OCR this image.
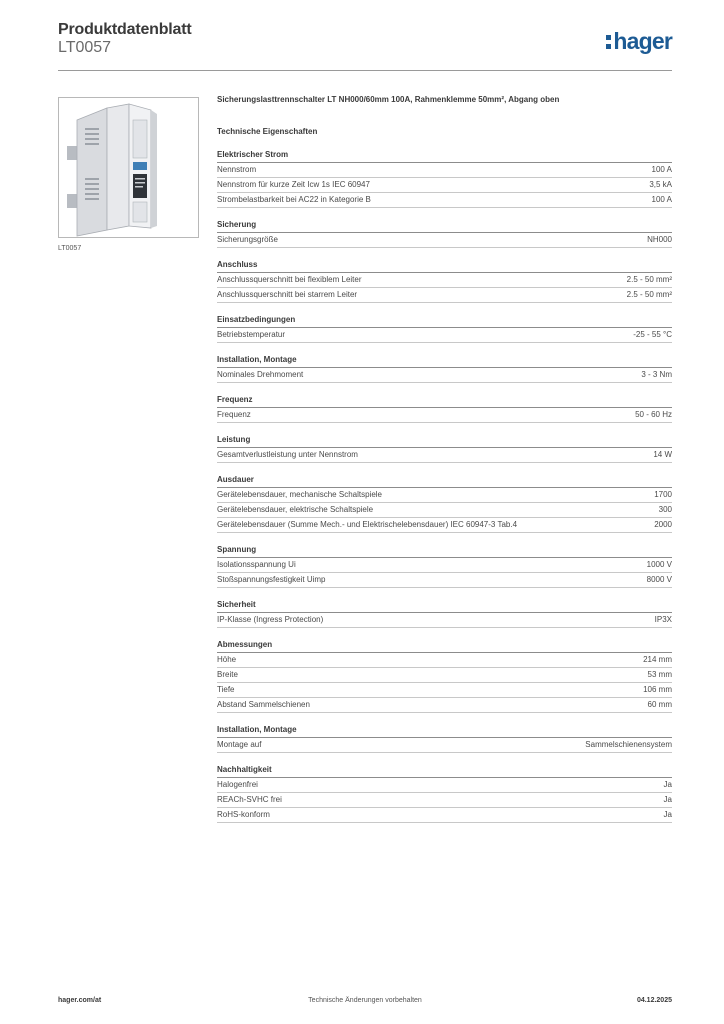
Produktdatenblatt
LT0057	hager
LT0057
Sicherungslasttrennschalter LT NH000/60mm 100A, Rahmenklemme 50mm², Abgang oben
Technische Eigenschaften
Elektrischer Strom
Nennstrom	100 A
Nennstrom für kurze Zeit Icw 1s IEC 60947	3,5 kA
Strombelastbarkeit bei AC22 in Kategorie B	100 A
Sicherung
Sicherungsgröße	NH000
Anschluss
Anschlussquerschnitt bei flexiblem Leiter	2.5 - 50 mm²
Anschlussquerschnitt bei starrem Leiter	2.5 - 50 mm²
Einsatzbedingungen
Betriebstemperatur	-25 - 55 °C
Installation, Montage
Nominales Drehmoment	3 - 3 Nm
Frequenz
Frequenz	50 - 60 Hz
Leistung
Gesamtverlustleistung unter Nennstrom	14 W
Ausdauer
Gerätelebensdauer, mechanische Schaltspiele	1700
Gerätelebensdauer, elektrische Schaltspiele	300
Gerätelebensdauer (Summe Mech.- und Elektrischelebensdauer) IEC 60947-3 Tab.4	2000
Spannung
Isolationsspannung Ui	1000 V
Stoßspannungsfestigkeit Uimp	8000 V
Sicherheit
IP-Klasse (Ingress Protection)	IP3X
Abmessungen
Höhe	214 mm
Breite	53 mm
Tiefe	106 mm
Abstand Sammelschienen	60 mm
Installation, Montage
Montage auf	Sammelschienensystem
Nachhaltigkeit
Halogenfrei	Ja
REACh-SVHC frei	Ja
RoHS-konform	Ja
hager.com/at	Technische Änderungen vorbehalten	04.12.2025
